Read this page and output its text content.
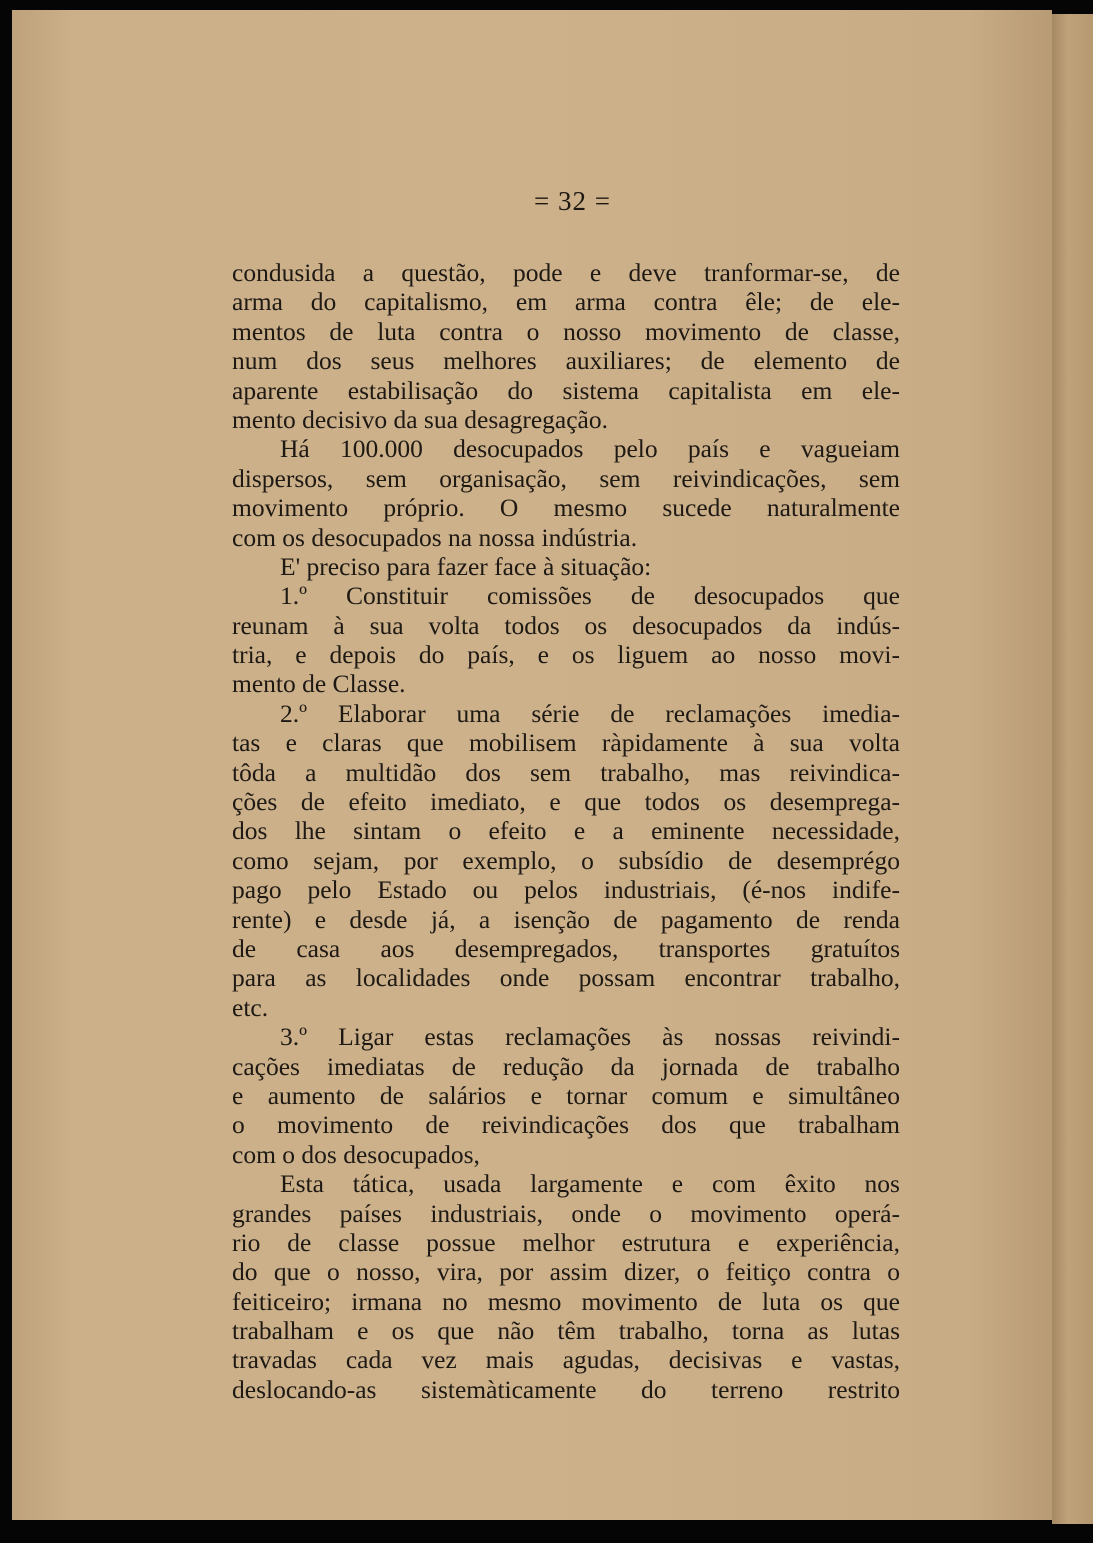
= 32 =
condusida a questão, pode e deve tranformar-se, de
arma do capitalismo, em arma contra êle; de ele-
mentos de luta contra o nosso movimento de classe,
num dos seus melhores auxiliares; de elemento de
aparente estabilisação do sistema capitalista em ele-
mento decisivo da sua desagregação.
Há 100.000 desocupados pelo país e vagueiam
dispersos, sem organisação, sem reivindicações, sem
movimento próprio. O mesmo sucede naturalmente
com os desocupados na nossa indústria.
E' preciso para fazer face à situação:
1.º Constituir comissões de desocupados que
reunam à sua volta todos os desocupados da indús-
tria, e depois do país, e os liguem ao nosso movi-
mento de Classe.
2.º Elaborar uma série de reclamações imedia-
tas e claras que mobilisem ràpidamente à sua volta
tôda a multidão dos sem trabalho, mas reivindica-
ções de efeito imediato, e que todos os desemprega-
dos lhe sintam o efeito e a eminente necessidade,
como sejam, por exemplo, o subsídio de desemprégo
pago pelo Estado ou pelos industriais, (é-nos indife-
rente) e desde já, a isenção de pagamento de renda
de casa aos desempregados, transportes gratuítos
para as localidades onde possam encontrar trabalho,
etc.
3.º Ligar estas reclamações às nossas reivindi-
cações imediatas de redução da jornada de trabalho
e aumento de salários e tornar comum e simultâneo
o movimento de reivindicações dos que trabalham
com o dos desocupados,
Esta tática, usada largamente e com êxito nos
grandes países industriais, onde o movimento operá-
rio de classe possue melhor estrutura e experiência,
do que o nosso, vira, por assim dizer, o feitiço contra o
feiticeiro; irmana no mesmo movimento de luta os que
trabalham e os que não têm trabalho, torna as lutas
travadas cada vez mais agudas, decisivas e vastas,
deslocando-as sistemàticamente do terreno restrito
